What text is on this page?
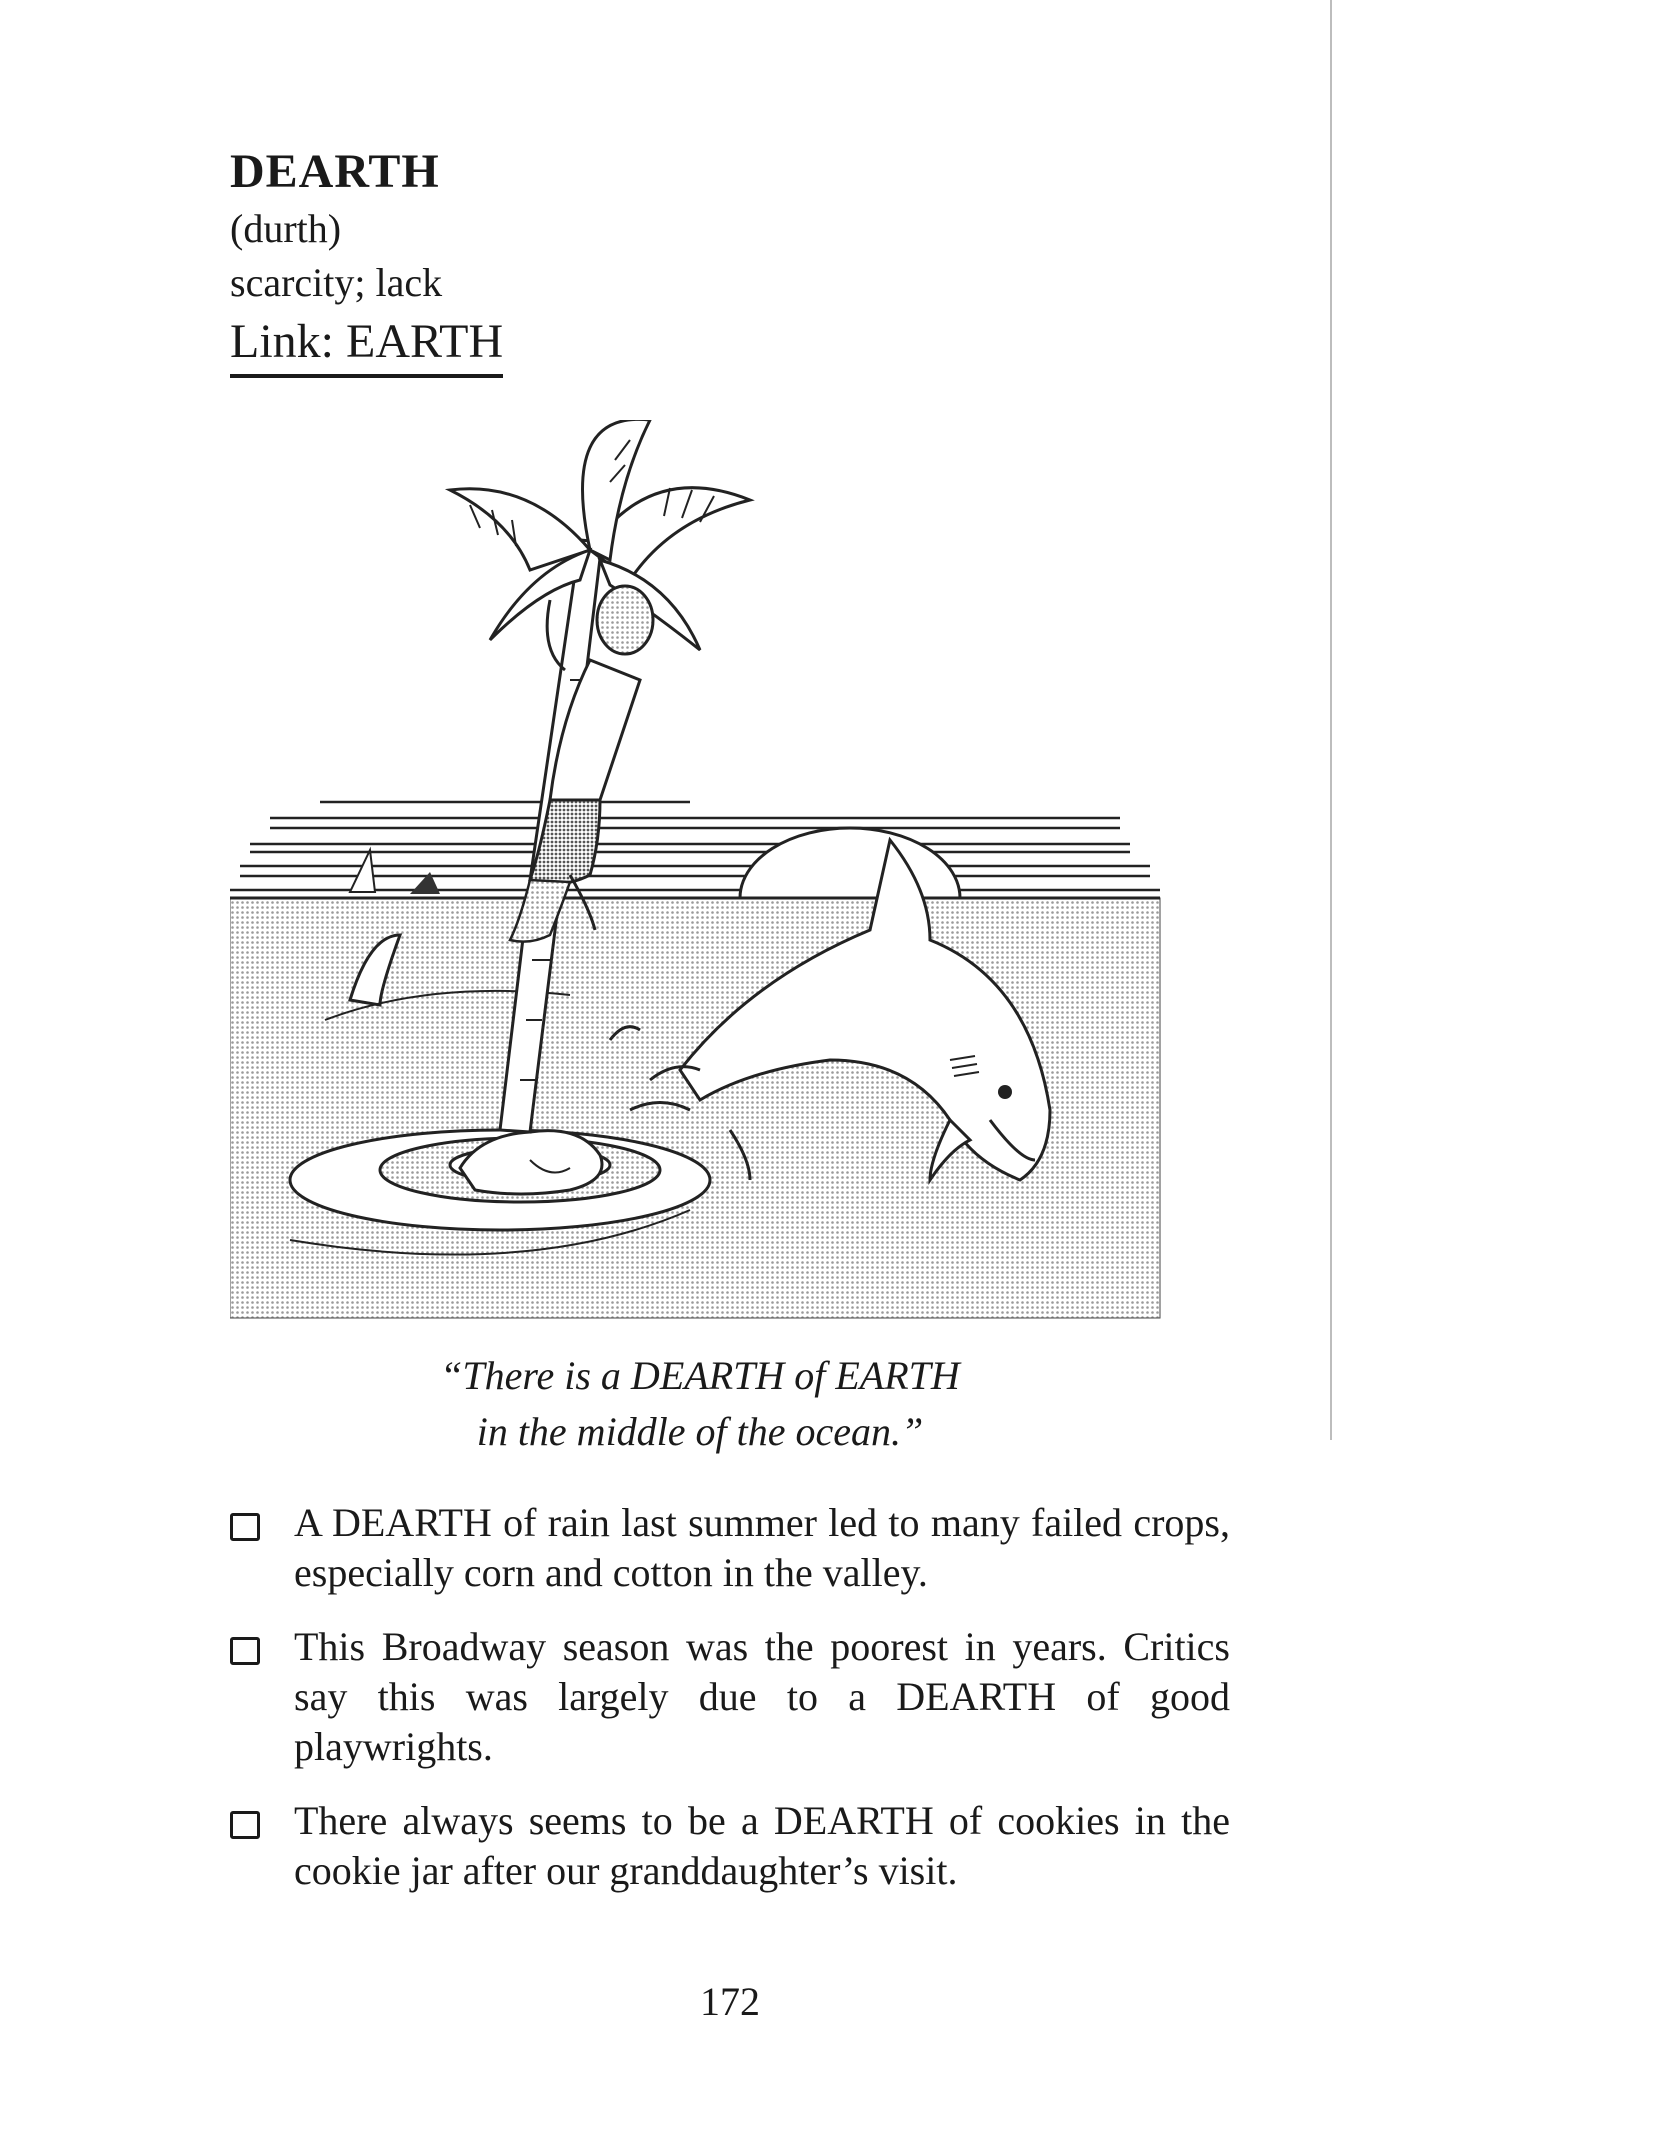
DEARTH
(durth)
scarcity; lack
Link: EARTH
“There is a DEARTH of EARTH
in the middle of the ocean.”
A DEARTH of rain last summer led to many failed crops, especially corn and cotton in the valley.
This Broadway season was the poorest in years. Critics say this was largely due to a DEARTH of good playwrights.
There always seems to be a DEARTH of cookies in the cookie jar after our granddaughter’s visit.
172
